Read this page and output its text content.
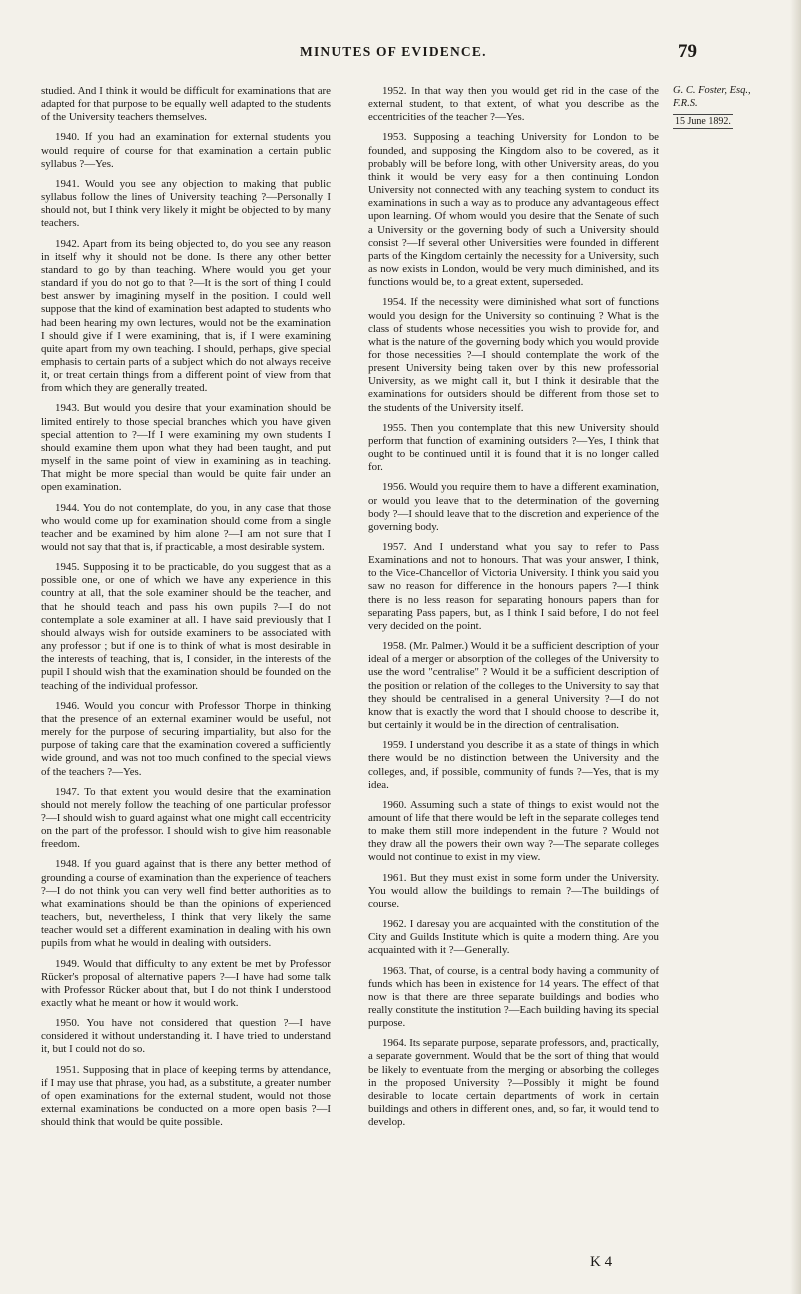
MINUTES OF EVIDENCE.	79

studied. And I think it would be difficult for examinations that are adapted for that purpose to be equally well adapted to the students of the University teachers themselves.

1940. If you had an examination for external students you would require of course for that examination a certain public syllabus ?—Yes.

1941. Would you see any objection to making that public syllabus follow the lines of University teaching ?—Personally I should not, but I think very likely it might be objected to by many teachers.

1942. Apart from its being objected to, do you see any reason in itself why it should not be done. Is there any other better standard to go by than teaching. Where would you get your standard if you do not go to that ?—It is the sort of thing I could best answer by imagining myself in the position. I could well suppose that the kind of examination best adapted to students who had been hearing my own lectures, would not be the examination I should give if I were examining, that is, if I were examining quite apart from my own teaching. I should, perhaps, give special emphasis to certain parts of a subject which do not always receive it, or treat certain things from a different point of view from that from which they are generally treated.

1943. But would you desire that your examination should be limited entirely to those special branches which you have given special attention to ?—If I were examining my own students I should examine them upon what they had been taught, and put myself in the same point of view in examining as in teaching. That might be more special than would be quite fair under an open examination.

1944. You do not contemplate, do you, in any case that those who would come up for examination should come from a single teacher and be examined by him alone ?—I am not sure that I would not say that that is, if practicable, a most desirable system.

1945. Supposing it to be practicable, do you suggest that as a possible one, or one of which we have any experience in this country at all, that the sole examiner should be the teacher, and that he should teach and pass his own pupils ?—I do not contemplate a sole examiner at all. I have said previously that I should always wish for outside examiners to be associated with any professor ; but if one is to think of what is most desirable in the interests of teaching, that is, I consider, in the interests of the pupil I should wish that the examination should be founded on the teaching of the individual professor.

1946. Would you concur with Professor Thorpe in thinking that the presence of an external examiner would be useful, not merely for the purpose of securing impartiality, but also for the purpose of taking care that the examination covered a sufficiently wide ground, and was not too much confined to the special views of the teachers ?—Yes.

1947. To that extent you would desire that the examination should not merely follow the teaching of one particular professor ?—I should wish to guard against what one might call eccentricity on the part of the professor. I should wish to give him reasonable freedom.

1948. If you guard against that is there any better method of grounding a course of examination than the experience of teachers ?—I do not think you can very well find better authorities as to what examinations should be than the opinions of experienced teachers, but, nevertheless, I think that very likely the same teacher would set a different examination in dealing with his own pupils from what he would in dealing with outsiders.

1949. Would that difficulty to any extent be met by Professor Rücker's proposal of alternative papers ?—I have had some talk with Professor Rücker about that, but I do not think I understood exactly what he meant or how it would work.

1950. You have not considered that question ?—I have considered it without understanding it. I have tried to understand it, but I could not do so.

1951. Supposing that in place of keeping terms by attendance, if I may use that phrase, you had, as a substitute, a greater number of open examinations for the external student, would not those external examinations be conducted on a more open basis ?—I should think that would be quite possible.

1952. In that way then you would get rid in the case of the external student, to that extent, of what you describe as the eccentricities of the teacher ?—Yes.

1953. Supposing a teaching University for London to be founded, and supposing the Kingdom also to be covered, as it probably will be before long, with other University areas, do you think it would be very easy for a then continuing London University not connected with any teaching system to conduct its examinations in such a way as to produce any advantageous effect upon learning. Of whom would you desire that the Senate of such a University or the governing body of such a University should consist ?—If several other Universities were founded in different parts of the Kingdom certainly the necessity for a University, such as now exists in London, would be very much diminished, and its functions would be, to a great extent, superseded.

1954. If the necessity were diminished what sort of functions would you design for the University so continuing ? What is the class of students whose necessities you wish to provide for, and what is the nature of the governing body which you would provide for those necessities ?—I should contemplate the work of the present University being taken over by this new professorial University, as we might call it, but I think it desirable that the examinations for outsiders should be different from those set to the students of the University itself.

1955. Then you contemplate that this new University should perform that function of examining outsiders ?—Yes, I think that ought to be continued until it is found that it is no longer called for.

1956. Would you require them to have a different examination, or would you leave that to the determination of the governing body ?—I should leave that to the discretion and experience of the governing body.

1957. And I understand what you say to refer to Pass Examinations and not to honours. That was your answer, I think, to the Vice-Chancellor of Victoria University. I think you said you saw no reason for difference in the honours papers ?—I think there is no less reason for separating honours papers than for separating Pass papers, but, as I think I said before, I do not feel very decided on the point.

1958. (Mr. Palmer.) Would it be a sufficient description of your ideal of a merger or absorption of the colleges of the University to use the word "centralise" ? Would it be a sufficient description of the position or relation of the colleges to the University to say that they should be centralised in a general University ?—I do not know that is exactly the word that I should choose to describe it, but certainly it would be in the direction of centralisation.

1959. I understand you describe it as a state of things in which there would be no distinction between the University and the colleges, and, if possible, community of funds ?—Yes, that is my idea.

1960. Assuming such a state of things to exist would not the amount of life that there would be left in the separate colleges tend to make them still more independent in the future ? Would not they draw all the powers their own way ?—The separate colleges would not continue to exist in my view.

1961. But they must exist in some form under the University. You would allow the buildings to remain ?—The buildings of course.

1962. I daresay you are acquainted with the constitution of the City and Guilds Institute which is quite a modern thing. Are you acquainted with it ?—Generally.

1963. That, of course, is a central body having a community of funds which has been in existence for 14 years. The effect of that now is that there are three separate buildings and bodies who really constitute the institution ?—Each building having its special purpose.

1964. Its separate purpose, separate professors, and, practically, a separate government. Would that be the sort of thing that would be likely to eventuate from the merging or absorbing the colleges in the proposed University ?—Possibly it might be found desirable to locate certain departments of work in certain buildings and others in different ones, and, so far, it would tend to develop.

G. C. Foster, Esq., F.R.S.
15 June 1892.
K 4
